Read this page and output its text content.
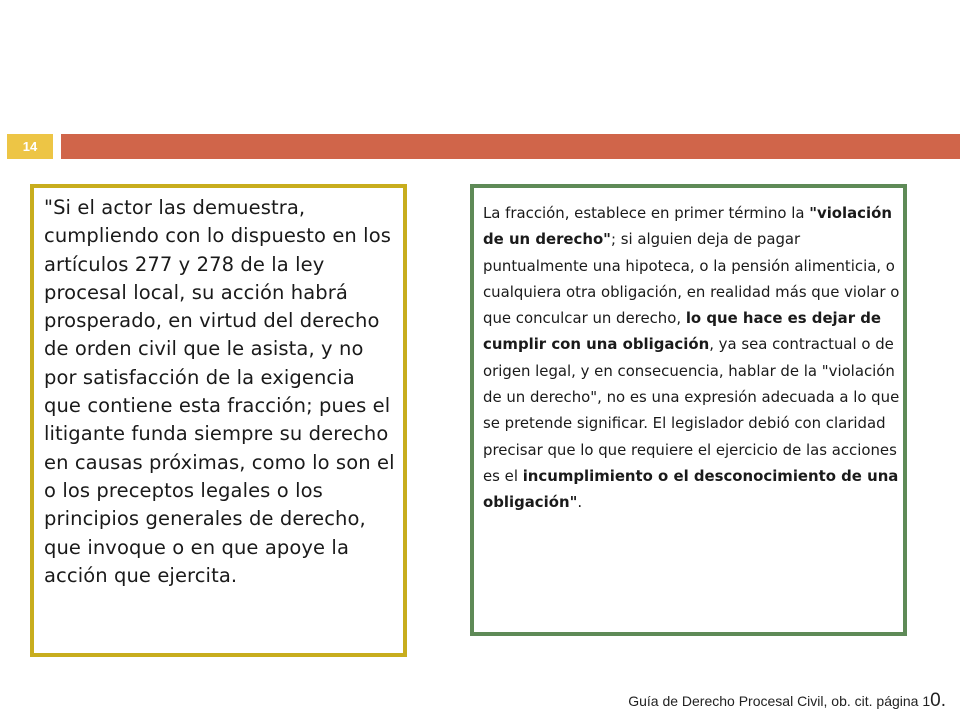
14

"Si el actor las demuestra, cumpliendo con lo dispuesto en los artículos 277 y 278 de la ley procesal local, su acción habrá prosperado, en virtud del derecho de orden civil que le asista, y no por satisfacción de la exigencia que contiene esta fracción; pues el litigante funda siempre su derecho en causas próximas, como lo son el o los preceptos legales o los principios generales de derecho, que invoque o en que apoye la acción que ejercita.

La fracción, establece en primer término la "violación de un derecho"; si alguien deja de pagar puntualmente una hipoteca, o la pensión alimenticia, o cualquiera otra obligación, en realidad más que violar o que conculcar un derecho, lo que hace es dejar de cumplir con una obligación, ya sea contractual o de origen legal, y en consecuencia, hablar de la "violación de un derecho", no es una expresión adecuada a lo que se pretende significar. El legislador debió con claridad precisar que lo que requiere el ejercicio de las acciones es el incumplimiento o el desconocimiento de una obligación".

Guía de Derecho Procesal Civil, ob. cit. página 10.
